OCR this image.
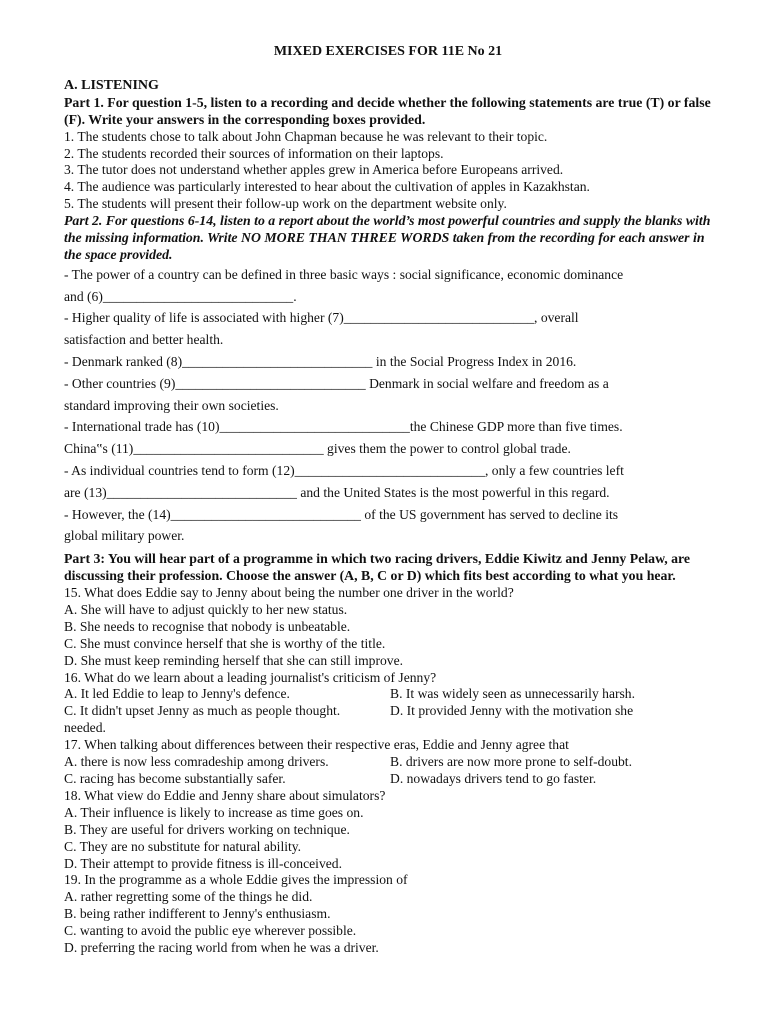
MIXED EXERCISES FOR 11E No 21

A. LISTENING

Part 1. For question 1-5, listen to a recording and decide whether the following statements are true (T) or false (F). Write your answers in the corresponding boxes provided.

1. The students chose to talk about John Chapman because he was relevant to their topic.

2. The students recorded their sources of information on their laptops.

3. The tutor does not understand whether apples grew in America before Europeans arrived.

4. The audience was particularly interested to hear about the cultivation of apples in Kazakhstan.

5. The students will present their follow-up work on the department website only.

Part 2. For questions 6-14, listen to a report about the world’s most powerful countries and supply the blanks with the missing information. Write NO MORE THAN THREE WORDS taken from the recording for each answer in the space provided.

- The power of a country can be defined in three basic ways : social significance, economic dominance

and (6)____________________________.

- Higher quality of life is associated with higher (7)____________________________, overall

satisfaction and better health.

- Denmark ranked (8)____________________________ in the Social Progress Index in 2016.

- Other countries (9)____________________________ Denmark in social welfare and freedom as a

standard improving their own societies.

- International trade has (10)____________________________the Chinese GDP more than five times.

China‟s (11)____________________________ gives them the power to control global trade.

- As individual countries tend to form (12)____________________________, only a few countries left

are (13)____________________________ and the United States is the most powerful in this regard.

- However, the (14)____________________________ of the US government has served to decline its

global military power.

Part 3: You will hear part of a programme in which two racing drivers, Eddie Kiwitz and Jenny Pelaw, are discussing their profession. Choose the answer (A, B, C or D) which fits best according to what you hear.

15. What does Eddie say to Jenny about being the number one driver in the world?

A. She will have to adjust quickly to her new status.

B. She needs to recognise that nobody is unbeatable.

C. She must convince herself that she is worthy of the title.

D. She must keep reminding herself that she can still improve.

16. What do we learn about a leading journalist's criticism of Jenny?

A. It led Eddie to leap to Jenny's defence.	B. It was widely seen as unnecessarily harsh.
C. It didn't upset Jenny as much as people thought.	D. It provided Jenny with the motivation she

needed.

17. When talking about differences between their respective eras, Eddie and Jenny agree that

A. there is now less comradeship among drivers.	B. drivers are now more prone to self-doubt.
C. racing has become substantially safer.	D. nowadays drivers tend to go faster.

18. What view do Eddie and Jenny share about simulators?

A. Their influence is likely to increase as time goes on.

B. They are useful for drivers working on technique.

C. They are no substitute for natural ability.

D. Their attempt to provide fitness is ill-conceived.

19. In the programme as a whole Eddie gives the impression of

A. rather regretting some of the things he did.

B. being rather indifferent to Jenny's enthusiasm.

C. wanting to avoid the public eye wherever possible.

D. preferring the racing world from when he was a driver.
